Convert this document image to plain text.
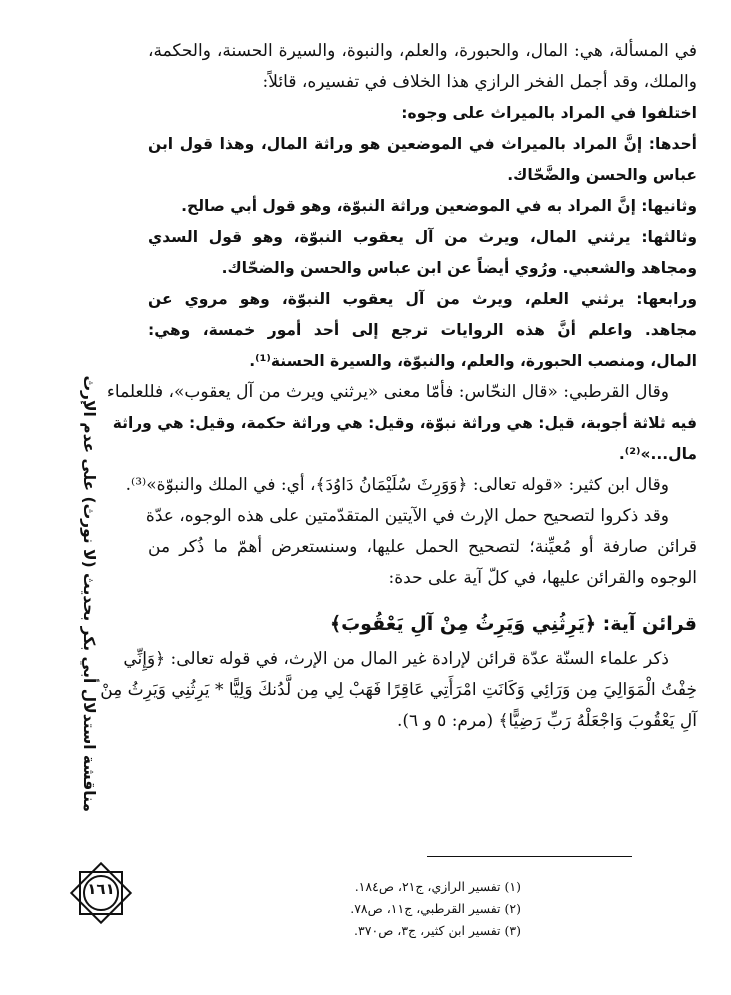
في المسألة، هي: المال، والحبورة، والعلم، والنبوة، والسيرة الحسنة، والحكمة،
والملك، وقد أجمل الفخر الرازي هذا الخلاف في تفسيره، قائلاً:
اختلفوا في المراد بالميراث على وجوه:
أحدها: إنَّ المراد بالميراث في الموضعين هو وراثة المال، وهذا قول ابن
عباس والحسن والضَّحّاك.
وثانيها: إنَّ المراد به في الموضعين وراثة النبوّة، وهو قول أبي صالح.
وثالثها: يرثني المال، ويرث من آل يعقوب النبوّة، وهو قول السدي
ومجاهد والشعبي. ورُوي أيضاً عن ابن عباس والحسن والضحّاك.
ورابعها: يرثني العلم، ويرث من آل يعقوب النبوّة، وهو مروي عن
مجاهد. واعلم أنَّ هذه الروايات ترجع إلى أحد أمور خمسة، وهي:
المال، ومنصب الحبورة، والعلم، والنبوّة، والسيرة الحسنة⁽¹⁾.
وقال القرطبي: «قال النحّاس: فأمّا معنى «يرثني ويرث من آل يعقوب»، فللعلماء
فيه ثلاثة أجوبة، قيل: هي وراثة نبوّة، وقيل: هي وراثة حكمة، وقيل: هي وراثة
مال...»⁽²⁾.
وقال ابن كثير: «قوله تعالى: ﴿وَوَرِثَ سُلَيْمَانُ دَاوُدَ﴾، أي: في الملك والنبوّة»⁽³⁾.
وقد ذكروا لتصحيح حمل الإرث في الآيتين المتقدّمتين على هذه الوجوه، عدّة
قرائن صارفة أو مُعيِّنة؛ لتصحيح الحمل عليها، وسنستعرض أهمّ ما ذُكر من
الوجوه والقرائن عليها، في كلّ آية على حدة:
قرائن آية: ﴿يَرِثُنِي وَيَرِثُ مِنْ آلِ يَعْقُوبَ﴾
ذكر علماء السنّة عدّة قرائن لإرادة غير المال من الإرث، في قوله تعالى: ﴿وَإِنِّي
خِفْتُ الْمَوَالِيَ مِن وَرَائِي وَكَانَتِ امْرَأَتِي عَاقِرًا فَهَبْ لِي مِن لَّدُنكَ وَلِيًّا * يَرِثُنِي وَيَرِثُ مِنْ
آلِ يَعْقُوبَ وَاجْعَلْهُ رَبِّ رَضِيًّا﴾ (مرم: ٥ و ٦).
(١) تفسير الرازي، ج٢١، ص١٨٤.
(٢) تفسير القرطبي، ج١١، ص٧٨.
(٣) تفسير ابن كثير، ج٣، ص٣٧٠.
مناقشة استدلال أبي بكر بحديث (لا نورث) على عدم الإرث
١٦١
